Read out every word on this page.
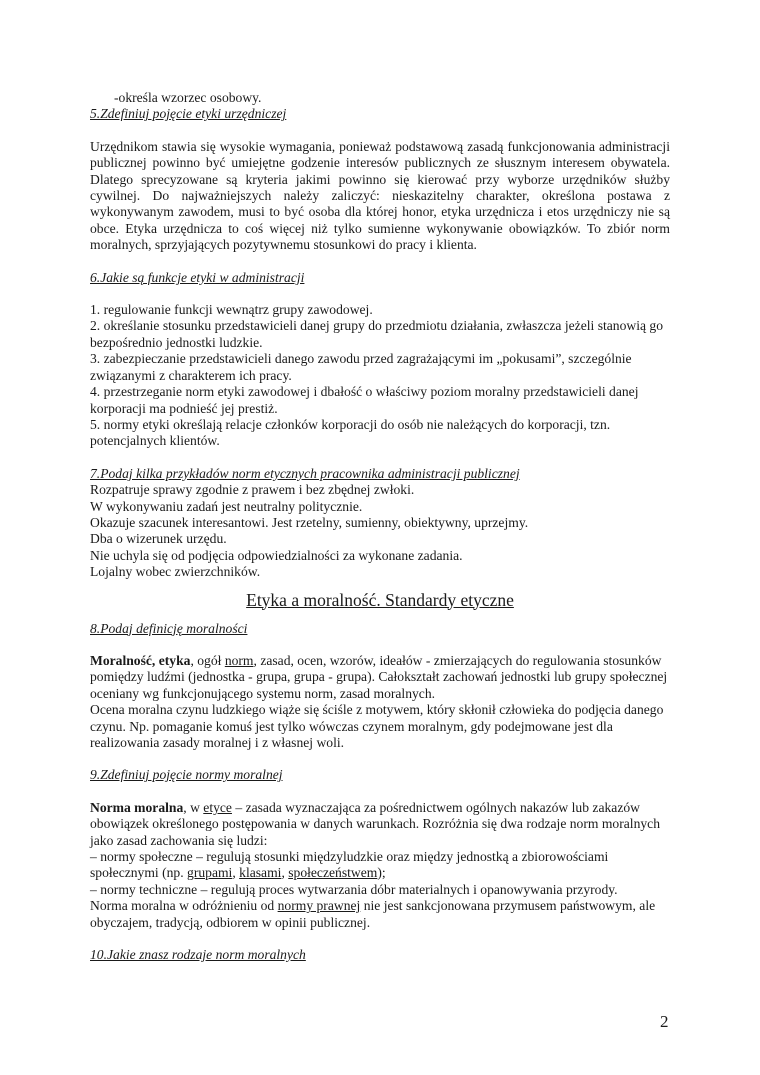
-określa wzorzec osobowy.

5.Zdefiniuj pojęcie etyki urzędniczej

Urzędnikom stawia się wysokie wymagania, ponieważ podstawową zasadą funkcjonowania administracji publicznej powinno być umiejętne godzenie interesów publicznych ze słusznym interesem obywatela. Dlatego sprecyzowane są kryteria jakimi powinno się kierować przy wyborze urzędników służby cywilnej. Do najważniejszych należy zaliczyć: nieskazitelny charakter, określona postawa z wykonywanym zawodem, musi to być osoba dla której honor, etyka urzędnicza i etos urzędniczy nie są obce. Etyka urzędnicza to coś więcej niż tylko sumienne wykonywanie obowiązków. To zbiór norm moralnych, sprzyjających pozytywnemu stosunkowi do pracy i klienta.

6.Jakie są funkcje etyki w administracji

1. regulowanie funkcji wewnątrz grupy zawodowej.

2. określanie stosunku przedstawicieli danej grupy do przedmiotu działania, zwłaszcza jeżeli stanowią go bezpośrednio jednostki ludzkie.

3. zabezpieczanie przedstawicieli danego zawodu przed zagrażającymi im „pokusami”, szczególnie związanymi z charakterem ich pracy.

4. przestrzeganie norm etyki zawodowej i dbałość o właściwy poziom moralny przedstawicieli danej korporacji ma podnieść jej prestiż.

5. normy etyki określają relacje członków korporacji do osób nie należących do korporacji, tzn. potencjalnych klientów.

7.Podaj kilka przykładów norm etycznych pracownika administracji publicznej

Rozpatruje sprawy zgodnie z prawem i bez zbędnej zwłoki.

W wykonywaniu zadań jest neutralny politycznie.

Okazuje szacunek interesantowi. Jest rzetelny, sumienny, obiektywny, uprzejmy.

Dba o wizerunek urzędu.

Nie uchyla się od podjęcia odpowiedzialności za wykonane zadania.

Lojalny wobec zwierzchników.

Etyka a moralność. Standardy etyczne

8.Podaj definicję moralności

Moralność, etyka, ogół norm, zasad, ocen, wzorów, ideałów - zmierzających do regulowania stosunków pomiędzy ludźmi (jednostka - grupa, grupa - grupa). Całokształt zachowań jednostki lub grupy społecznej oceniany wg funkcjonującego systemu norm, zasad moralnych.

Ocena moralna czynu ludzkiego wiąże się ściśle z motywem, który skłonił człowieka do podjęcia danego czynu. Np. pomaganie komuś jest tylko wówczas czynem moralnym, gdy podejmowane jest dla realizowania zasady moralnej i z własnej woli.

9.Zdefiniuj pojęcie normy moralnej

Norma moralna, w etyce – zasada wyznaczająca za pośrednictwem ogólnych nakazów lub zakazów obowiązek określonego postępowania w danych warunkach. Rozróżnia się dwa rodzaje norm moralnych jako zasad zachowania się ludzi:

– normy społeczne – regulują stosunki międzyludzkie oraz między jednostką a zbiorowościami społecznymi (np. grupami, klasami, społeczeństwem);

– normy techniczne – regulują proces wytwarzania dóbr materialnych i opanowywania przyrody.

Norma moralna w odróżnieniu od normy prawnej nie jest sankcjonowana przymusem państwowym, ale obyczajem, tradycją, odbiorem w opinii publicznej.

10.Jakie znasz rodzaje norm moralnych

2
